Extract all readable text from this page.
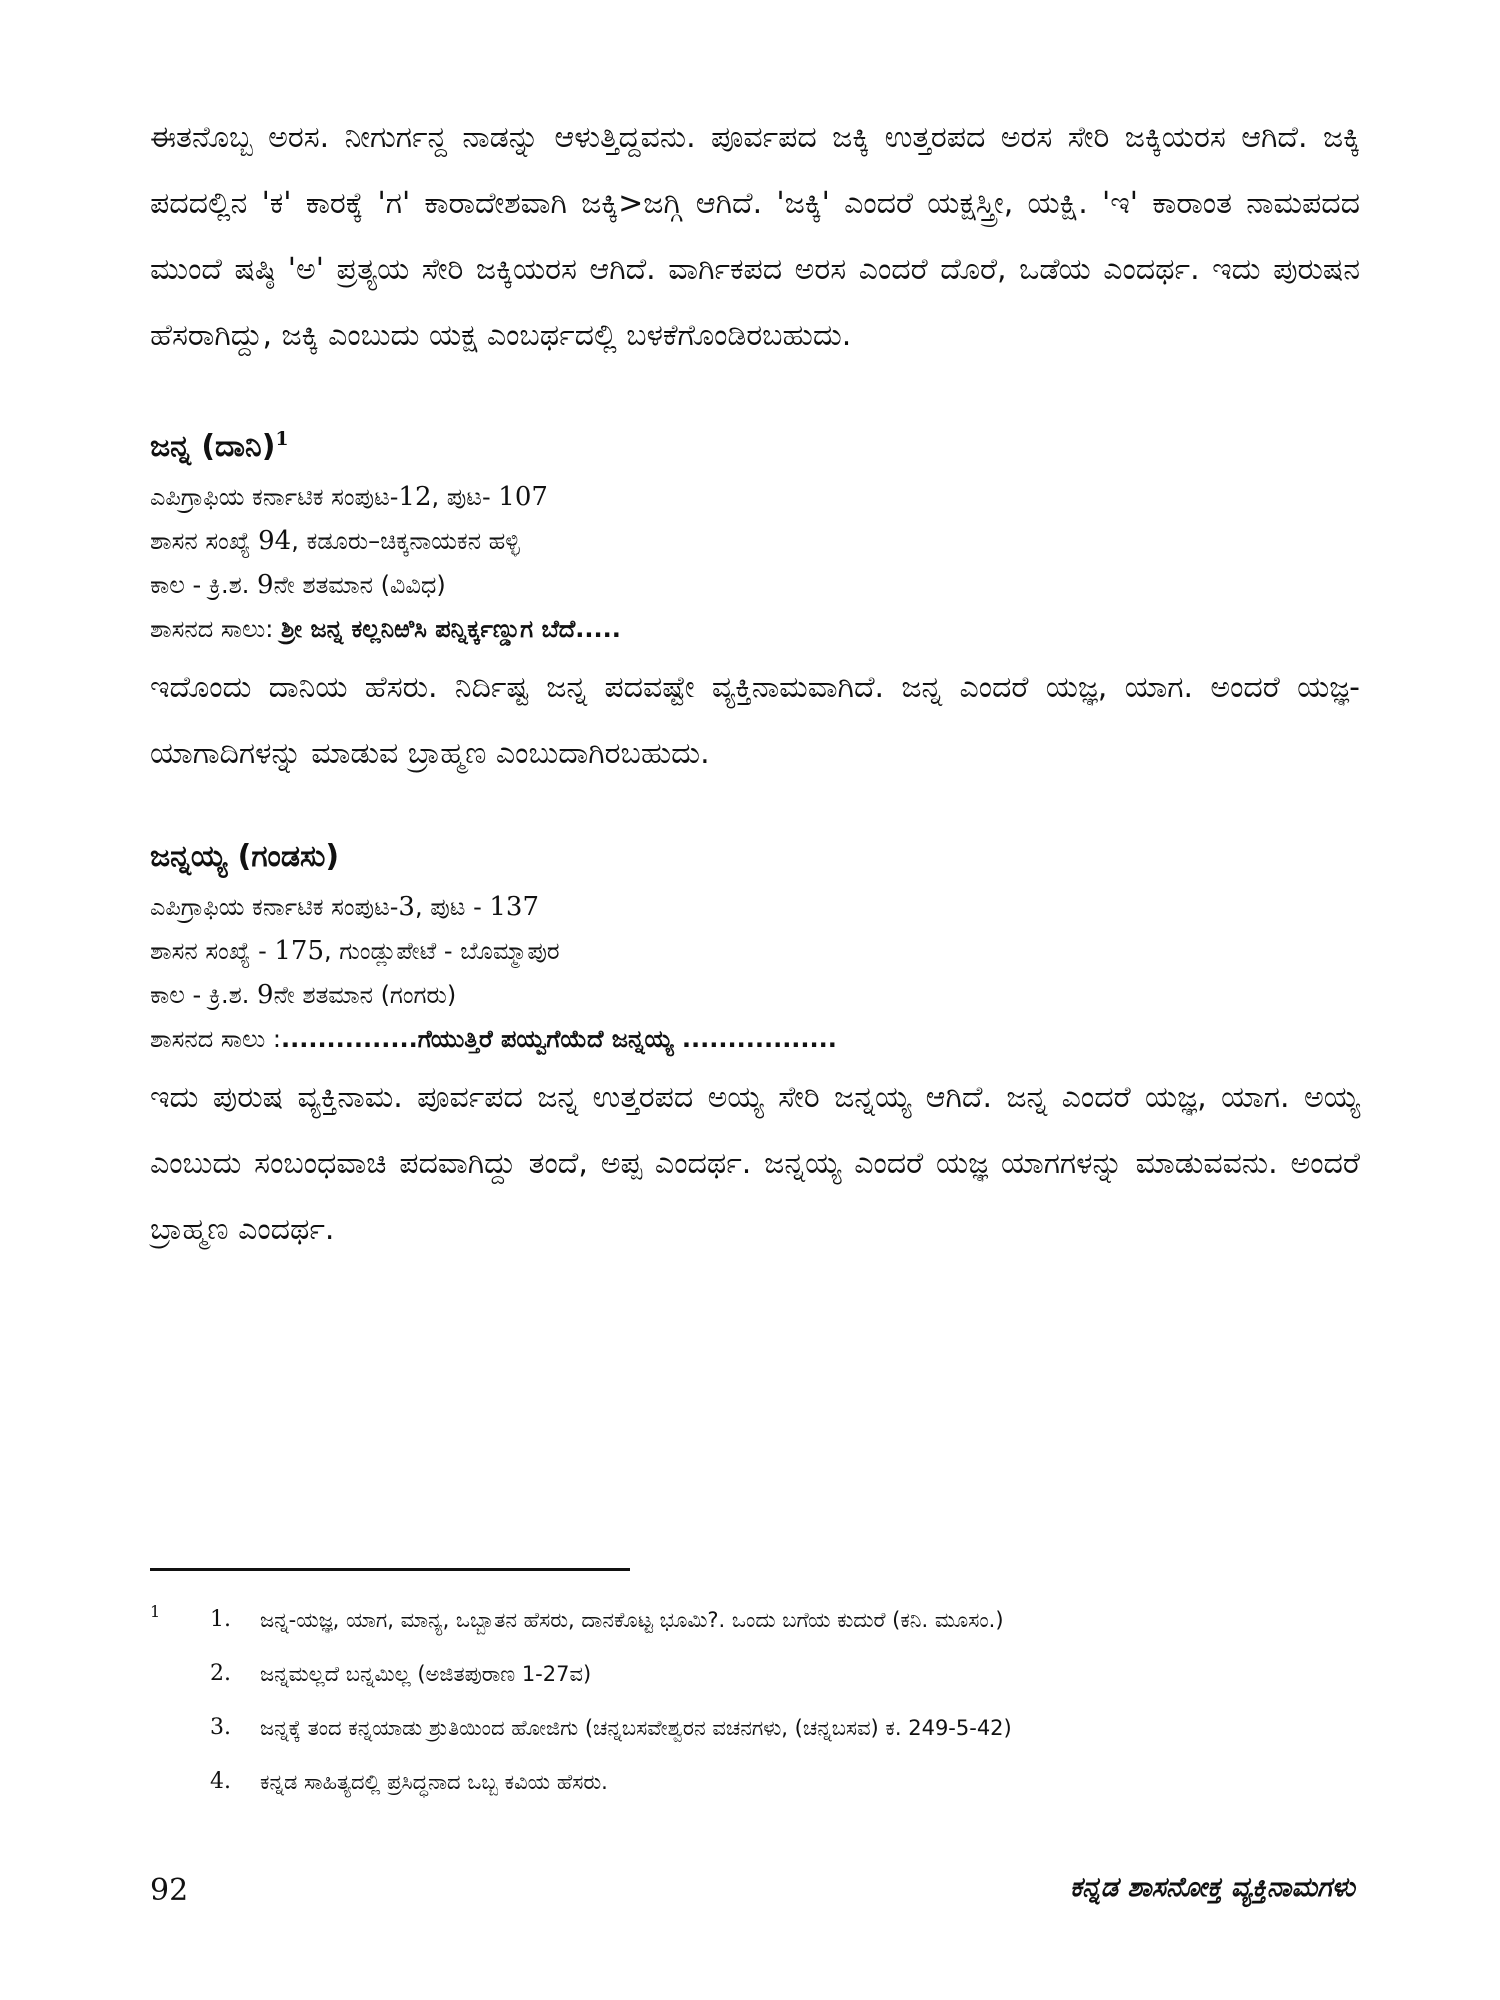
ಈತನೊಬ್ಬ ಅರಸ. ನೀಗುರ್ಗನ್ದ ನಾಡನ್ನು ಆಳುತ್ತಿದ್ದವನು. ಪೂರ್ವಪದ ಜಕ್ಕಿ ಉತ್ತರಪದ ಅರಸ ಸೇರಿ ಜಕ್ಕಿಯರಸ ಆಗಿದೆ. ಜಕ್ಕಿ ಪದದಲ್ಲಿನ 'ಕ' ಕಾರಕ್ಕೆ 'ಗ' ಕಾರಾದೇಶವಾಗಿ ಜಕ್ಕಿ>ಜಗ್ಗಿ ಆಗಿದೆ. 'ಜಕ್ಕಿ' ಎಂದರೆ ಯಕ್ಷಸ್ತ್ರೀ, ಯಕ್ಷಿ. 'ಇ' ಕಾರಾಂತ ನಾಮಪದದ ಮುಂದೆ ಷಷ್ಠಿ 'ಅ' ಪ್ರತ್ಯಯ ಸೇರಿ ಜಕ್ಕಿಯರಸ ಆಗಿದೆ. ವಾರ್ಗಿಕಪದ ಅರಸ ಎಂದರೆ ದೊರೆ, ಒಡೆಯ ಎಂದರ್ಥ. ಇದು ಪುರುಷನ ಹೆಸರಾಗಿದ್ದು, ಜಕ್ಕಿ ಎಂಬುದು ಯಕ್ಷ ಎಂಬರ್ಥದಲ್ಲಿ ಬಳಕೆಗೊಂಡಿರಬಹುದು.

ಜನ್ನ (ದಾನಿ)$^1$

ಎಪಿಗ್ರಾಫಿಯ ಕರ್ನಾಟಿಕ ಸಂಪುಟ-12, ಪುಟ- 107

ಶಾಸನ ಸಂಖ್ಯೆ 94, ಕಡೂರು–ಚಿಕ್ಕನಾಯಕನ ಹಳ್ಳಿ

ಕಾಲ - ಕ್ರಿ.ಶ. 9ನೇ ಶತಮಾನ (ವಿವಿಧ)

ಶಾಸನದ ಸಾಲು: ಶ್ರೀ ಜನ್ನ ಕಲ್ಲನಿಱಿಸಿ ಪನ್ನಿರ್ಕ್ಕಣ್ಡುಗ ಬೆದೆ.....

ಇದೊಂದು ದಾನಿಯ ಹೆಸರು. ನಿರ್ದಿಷ್ಟ ಜನ್ನ ಪದವಷ್ಟೇ ವ್ಯಕ್ತಿನಾಮವಾಗಿದೆ. ಜನ್ನ ಎಂದರೆ ಯಜ್ಞ, ಯಾಗ. ಅಂದರೆ ಯಜ್ಞ-ಯಾಗಾದಿಗಳನ್ನು ಮಾಡುವ ಬ್ರಾಹ್ಮಣ ಎಂಬುದಾಗಿರಬಹುದು.

ಜನ್ನಯ್ಯ (ಗಂಡಸು)

ಎಪಿಗ್ರಾಫಿಯ ಕರ್ನಾಟಿಕ ಸಂಪುಟ-3, ಪುಟ - 137

ಶಾಸನ ಸಂಖ್ಯೆ - 175, ಗುಂಡ್ಲುಪೇಟೆ - ಬೊಮ್ಮಾಪುರ

ಕಾಲ - ಕ್ರಿ.ಶ. 9ನೇ ಶತಮಾನ (ಗಂಗರು)

ಶಾಸನದ ಸಾಲು :...............ಗೆಯುತ್ತಿರೆ ಪಯ್ವಗೆಯೆದೆ ಜನ್ನಯ್ಯ .................

ಇದು ಪುರುಷ ವ್ಯಕ್ತಿನಾಮ. ಪೂರ್ವಪದ ಜನ್ನ ಉತ್ತರಪದ ಅಯ್ಯ ಸೇರಿ ಜನ್ನಯ್ಯ ಆಗಿದೆ. ಜನ್ನ ಎಂದರೆ ಯಜ್ಞ, ಯಾಗ. ಅಯ್ಯ ಎಂಬುದು ಸಂಬಂಧವಾಚಿ ಪದವಾಗಿದ್ದು ತಂದೆ, ಅಪ್ಪ ಎಂದರ್ಥ. ಜನ್ನಯ್ಯ ಎಂದರೆ ಯಜ್ಞ ಯಾಗಗಳನ್ನು ಮಾಡುವವನು. ಅಂದರೆ ಬ್ರಾಹ್ಮಣ ಎಂದರ್ಥ.

1 1.	ಜನ್ನ-ಯಜ್ಞ, ಯಾಗ, ಮಾನ್ಯ, ಒಬ್ಬಾತನ ಹೆಸರು, ದಾನಕೊಟ್ಟ ಭೂಮಿ?. ಒಂದು ಬಗೆಯ ಕುದುರೆ (ಕನಿ. ಮೂಸಂ.)
2.	ಜನ್ನಮಲ್ಲದೆ ಬನ್ನಮಿಲ್ಲ (ಅಜಿತಪುರಾಣ 1-27ವ)
3.	ಜನ್ನಕ್ಕೆ ತಂದ ಕನ್ನಯಾಡು ಶ್ರುತಿಯಿಂದ ಹೋಜಿಗು (ಚನ್ನಬಸವೇಶ್ವರನ ವಚನಗಳು, (ಚನ್ನಬಸವ) ಕ. 249-5-42)
4.	ಕನ್ನಡ ಸಾಹಿತ್ಯದಲ್ಲಿ ಪ್ರಸಿದ್ಧನಾದ ಒಬ್ಬ ಕವಿಯ ಹೆಸರು.
92	ಕನ್ನಡ ಶಾಸನೋಕ್ತ ವ್ಯಕ್ತಿನಾಮಗಳು
